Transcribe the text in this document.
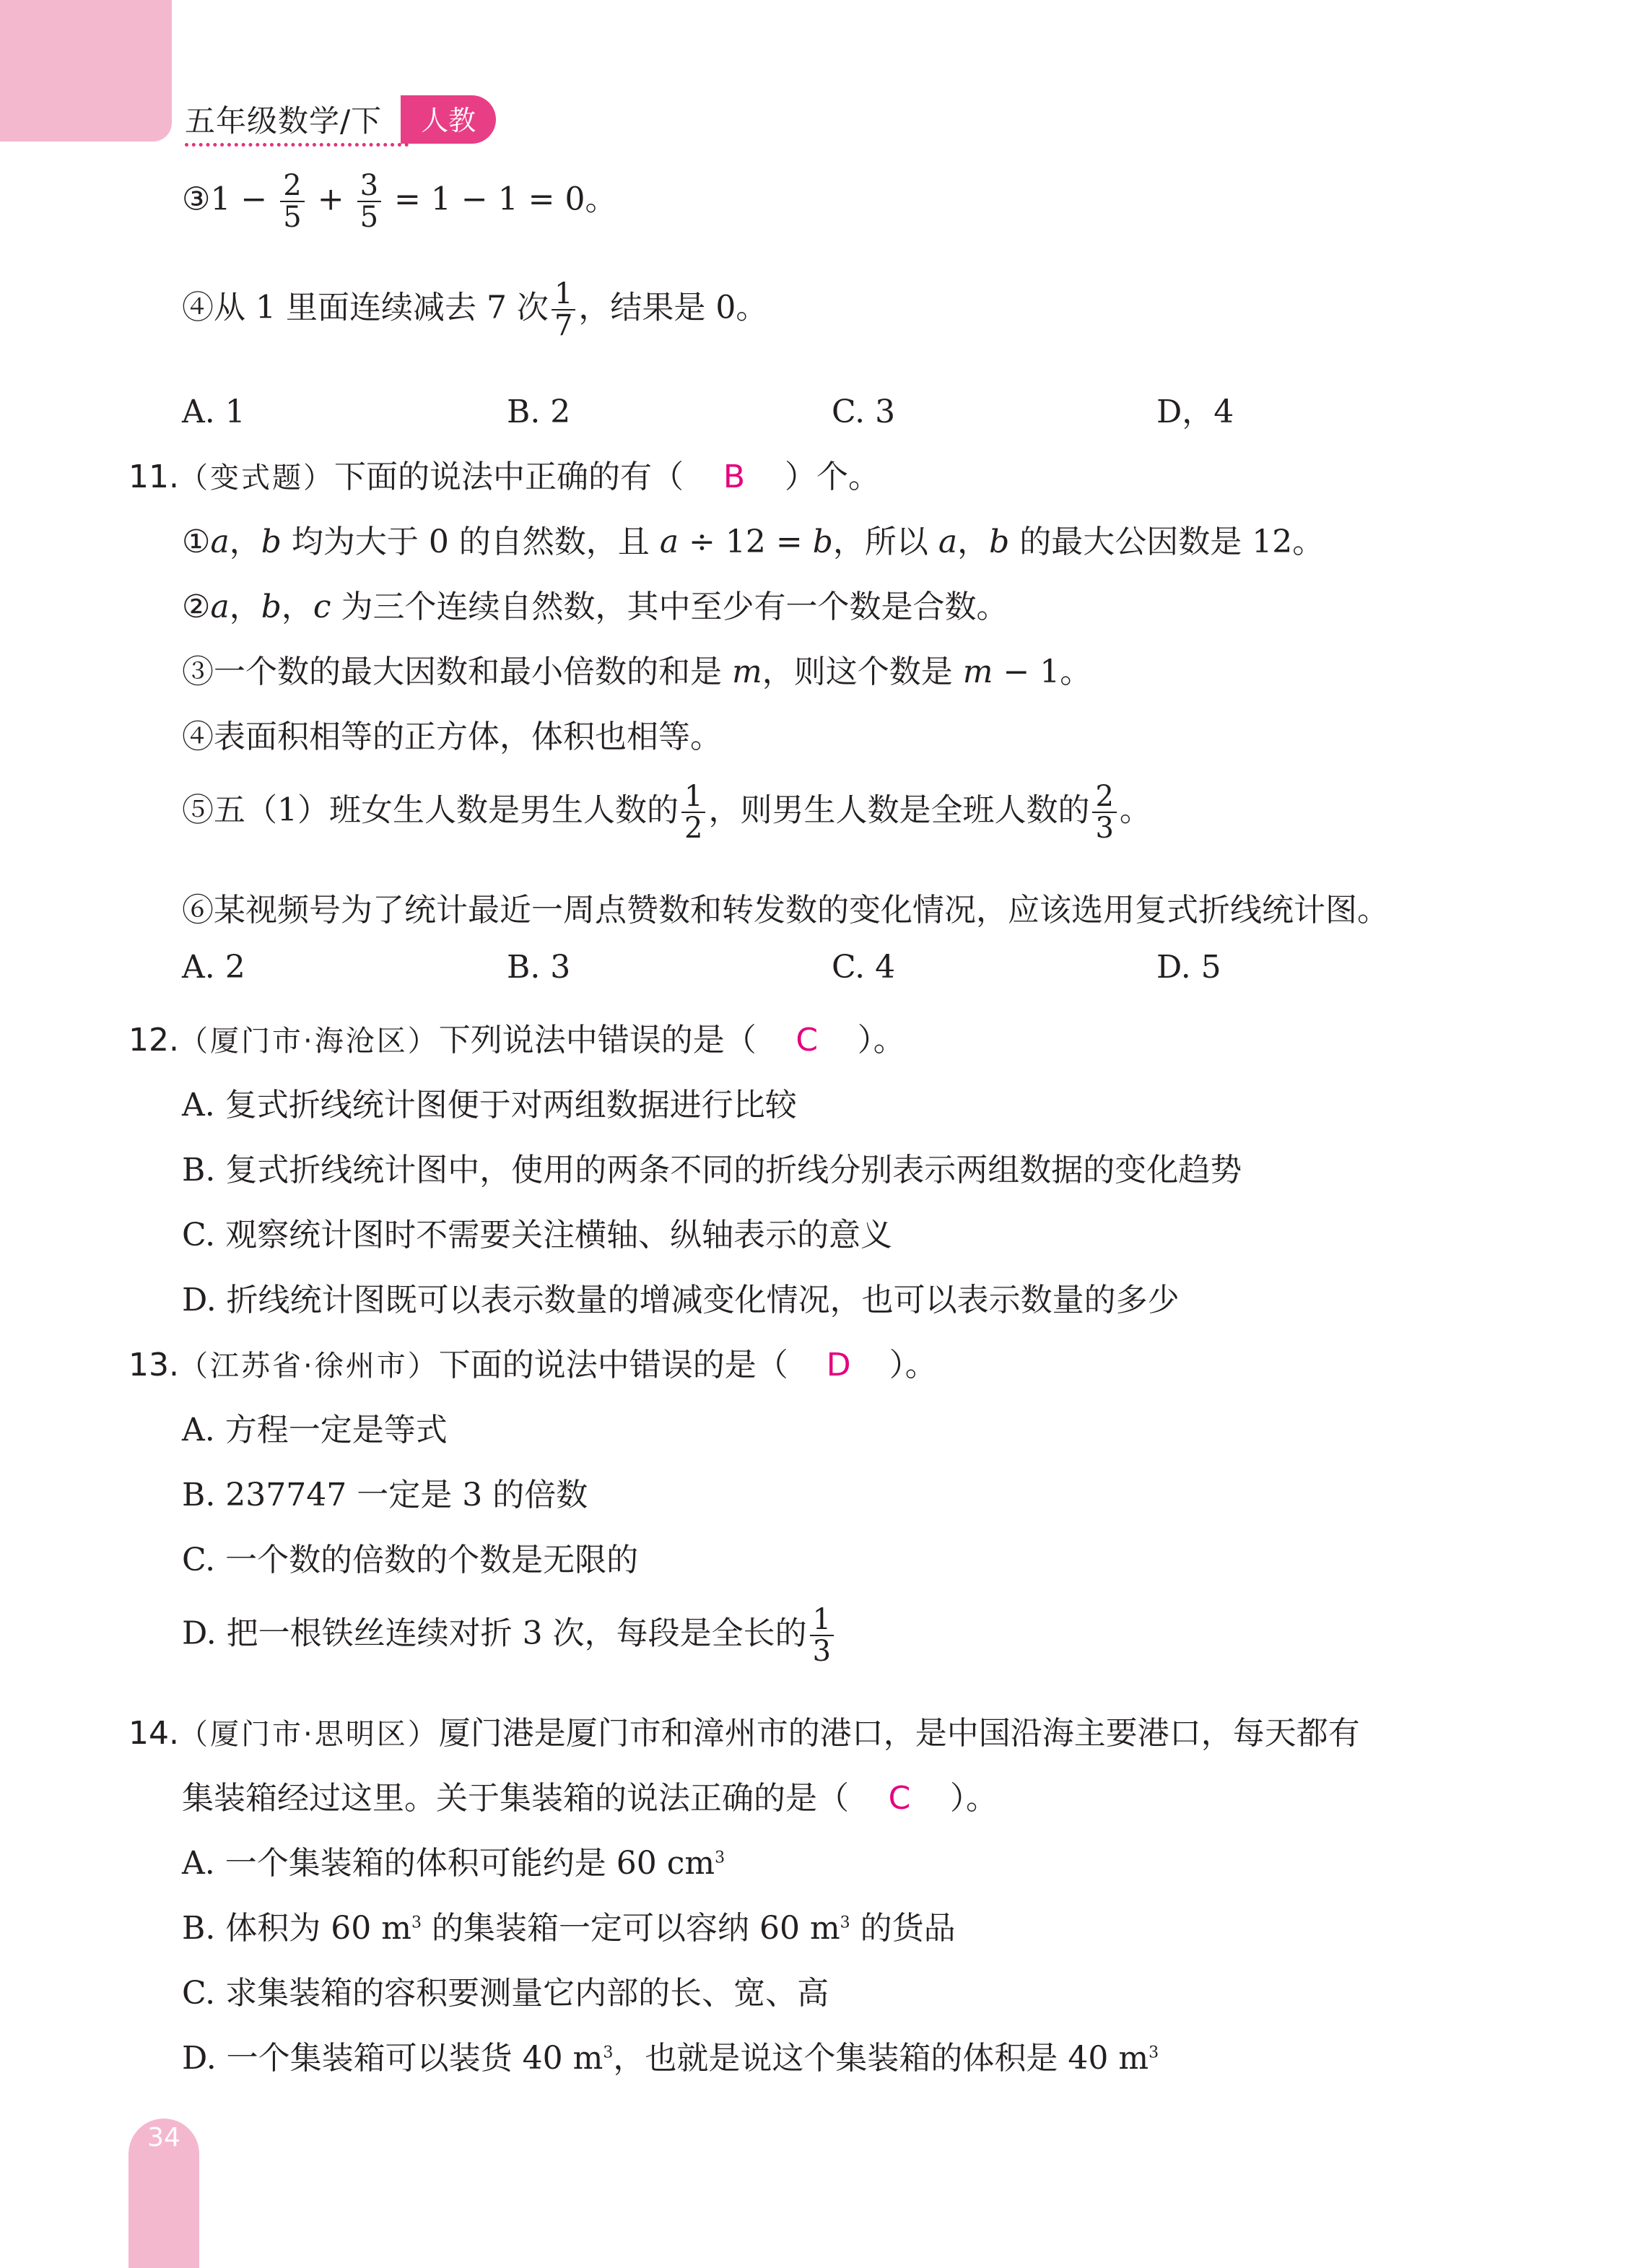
五年级数学/下	人教
③1 − $\frac{2}{5} + \frac{3}{5} = 1 - 1 = 0$。
④从 1 里面连续减去 7 次 $\frac{1}{7}$ ，结果是 0。
A. 1	B. 2	C. 3	D，4
11.（变式题）下面的说法中正确的有（ B ）个。
①a，b 均为大于 0 的自然数，且 a ÷ 12 = b，所以 a，b 的最大公因数是 12。
②a，b，c 为三个连续自然数，其中至少有一个数是合数。
③一个数的最大因数和最小倍数的和是 m，则这个数是 m − 1。
④表面积相等的正方体，体积也相等。
⑤五（1）班女生人数是男生人数的 $\frac{1}{2}$ ，则男生人数是全班人数的 $\frac{2}{3}$ 。
⑥某视频号为了统计最近一周点赞数和转发数的变化情况，应该选用复式折线统计图。
A. 2	B. 3	C. 4	D. 5
12.（厦门市·海沧区）下列说法中错误的是（ C ）。
A. 复式折线统计图便于对两组数据进行比较
B. 复式折线统计图中，使用的两条不同的折线分别表示两组数据的变化趋势
C. 观察统计图时不需要关注横轴、纵轴表示的意义
D. 折线统计图既可以表示数量的增减变化情况，也可以表示数量的多少
13.（江苏省·徐州市）下面的说法中错误的是（ D ）。
A. 方程一定是等式
B. 237747 一定是 3 的倍数
C. 一个数的倍数的个数是无限的
D. 把一根铁丝连续对折 3 次，每段是全长的 $\frac{1}{3}$
14.（厦门市·思明区）厦门港是厦门市和漳州市的港口，是中国沿海主要港口，每天都有
集装箱经过这里。关于集装箱的说法正确的是（ C ）。
A. 一个集装箱的体积可能约是 60 $cm^3$
B. 体积为 60 $m^3$ 的集装箱一定可以容纳 60 $m^3$ 的货品
C. 求集装箱的容积要测量它内部的长、宽、高
D. 一个集装箱可以装货 40 $m^3$，也就是说这个集装箱的体积是 40 $m^3$
34
